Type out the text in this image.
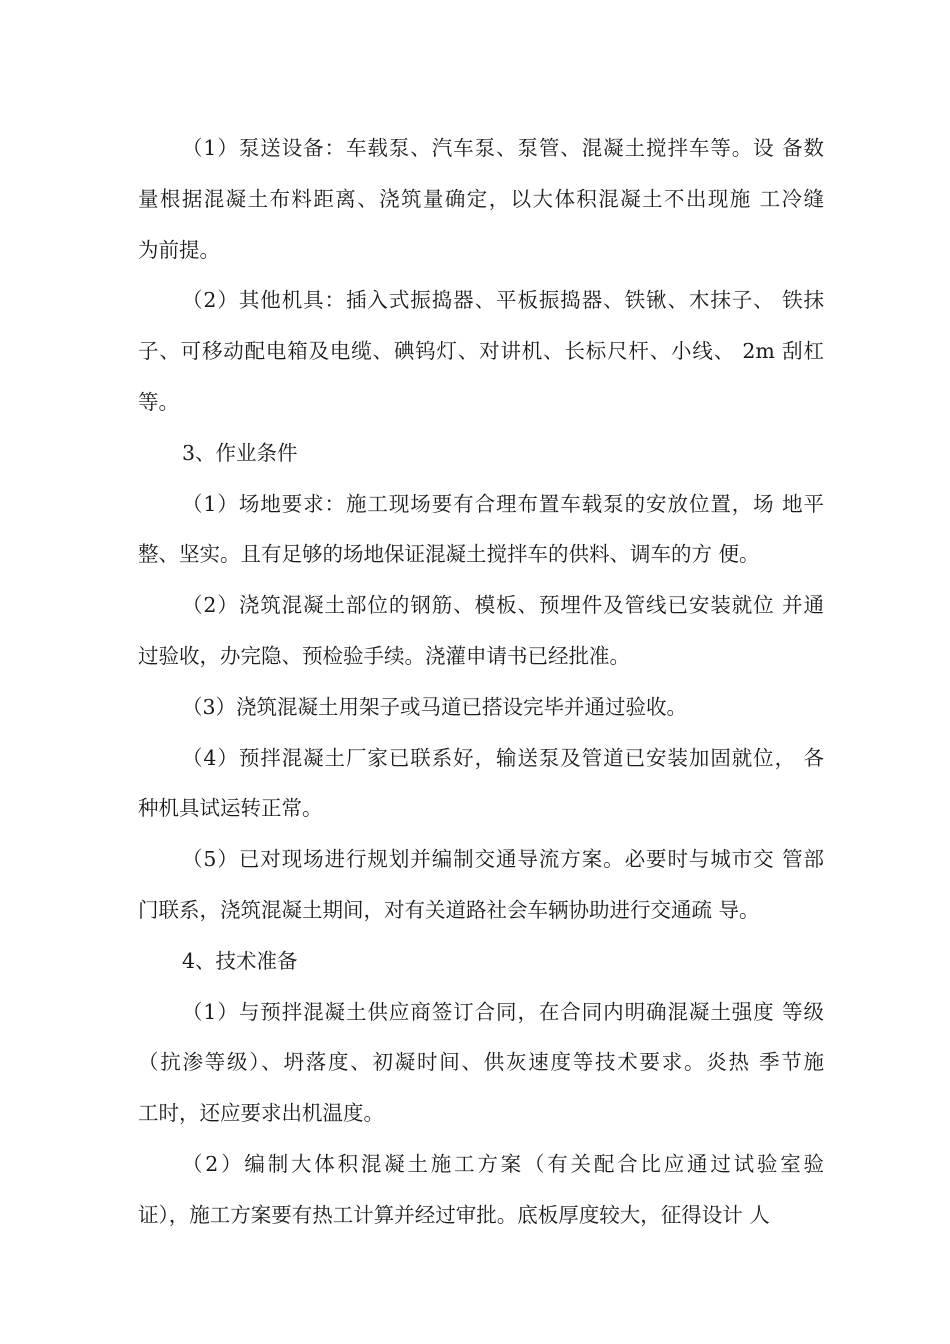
（1）泵送设备：车载泵、汽车泵、泵管、混凝土搅拌车等。设 备数
量根据混凝土布料距离、浇筑量确定，以大体积混凝土不出现施 工冷缝
为前提。
（2）其他机具：插入式振捣器、平板振捣器、铁锹、木抹子、 铁抹
子、可移动配电箱及电缆、碘钨灯、对讲机、长标尺杆、小线、 2m 刮杠
等。
3、作业条件
（1）场地要求：施工现场要有合理布置车载泵的安放位置，场 地平
整、坚实。且有足够的场地保证混凝土搅拌车的供料、调车的方 便。
（2）浇筑混凝土部位的钢筋、模板、预埋件及管线已安装就位 并通
过验收，办完隐、预检验手续。浇灌申请书已经批准。
（3）浇筑混凝土用架子或马道已搭设完毕并通过验收。
（4）预拌混凝土厂家已联系好，输送泵及管道已安装加固就位， 各
种机具试运转正常。
（5）已对现场进行规划并编制交通导流方案。必要时与城市交 管部
门联系，浇筑混凝土期间，对有关道路社会车辆协助进行交通疏 导。
4、技术准备
（1）与预拌混凝土供应商签订合同，在合同内明确混凝土强度 等级
（抗渗等级）、坍落度、初凝时间、供灰速度等技术要求。炎热 季节施
工时，还应要求出机温度。
（2）编制大体积混凝土施工方案（有关配合比应通过试验室验
证），施工方案要有热工计算并经过审批。底板厚度较大，征得设计 人
